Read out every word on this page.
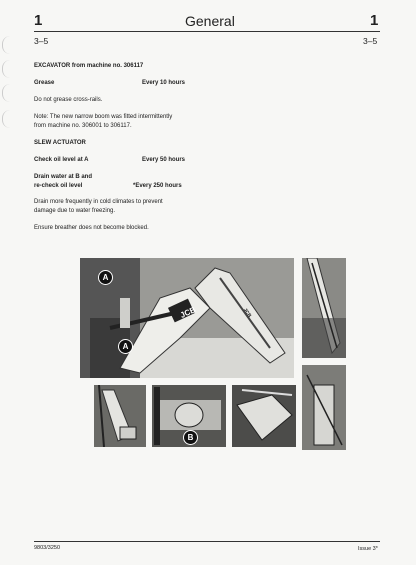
1	General	1
3–5	3–5
EXCAVATOR from machine no. 306117
Grease	Every 10 hours
Do not grease cross-rails.
Note: The new narrow boom was fitted intermittently
from machine no. 306001 to 306117.
SLEW ACTUATOR
Check oil level at A	Every 50 hours
Drain water at B and
re-check oil level	*Every 250 hours
Drain more frequently in cold climates to prevent
damage due to water freezing.
Ensure breather does not become blocked.
JCB	JCB
A
A
B
9803/3250	Issue 3*
